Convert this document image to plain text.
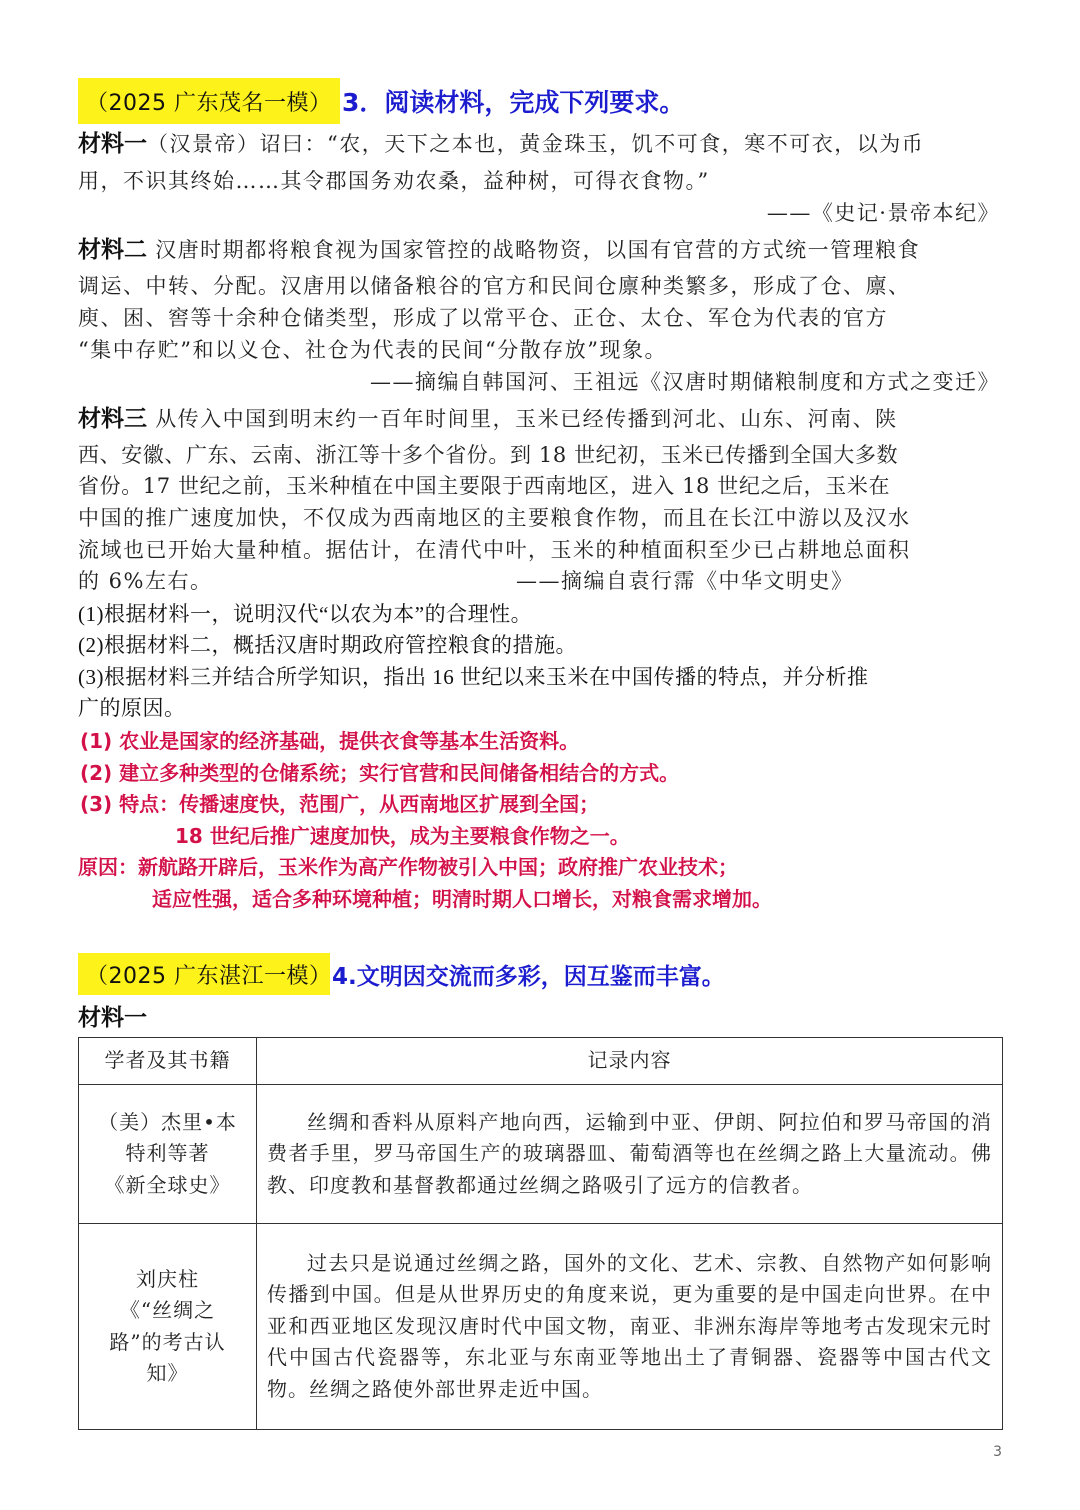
（2025 广东茂名一模） 3．阅读材料，完成下列要求。
材料一（汉景帝）诏曰：“农，天下之本也，黄金珠玉，饥不可食，寒不可衣，以为币
用，不识其终始……其令郡国务劝农桑，益种树，可得衣食物。”
——《史记·景帝本纪》
材料二 汉唐时期都将粮食视为国家管控的战略物资，以国有官营的方式统一管理粮食
调运、中转、分配。汉唐用以储备粮谷的官方和民间仓廪种类繁多，形成了仓、廪、
庾、困、窖等十余种仓储类型，形成了以常平仓、正仓、太仓、军仓为代表的官方
“集中存贮”和以义仓、社仓为代表的民间“分散存放”现象。
——摘编自韩国河、王祖远《汉唐时期储粮制度和方式之变迁》
材料三 从传入中国到明末约一百年时间里，玉米已经传播到河北、山东、河南、陕
西、安徽、广东、云南、浙江等十多个省份。到 18 世纪初，玉米已传播到全国大多数
省份。17 世纪之前，玉米种植在中国主要限于西南地区，进入 18 世纪之后，玉米在
中国的推广速度加快，不仅成为西南地区的主要粮食作物，而且在长江中游以及汉水
流域也已开始大量种植。据估计，在清代中叶，玉米的种植面积至少已占耕地总面积
的 6%左右。	——摘编自袁行霈《中华文明史》
(1)根据材料一，说明汉代“以农为本”的合理性。
(2)根据材料二，概括汉唐时期政府管控粮食的措施。
(3)根据材料三并结合所学知识，指出 16 世纪以来玉米在中国传播的特点，并分析推
广的原因。
(1) 农业是国家的经济基础，提供衣食等基本生活资料。
(2) 建立多种类型的仓储系统；实行官营和民间储备相结合的方式。
(3) 特点：传播速度快，范围广，从西南地区扩展到全国；
18 世纪后推广速度加快，成为主要粮食作物之一。
原因：新航路开辟后，玉米作为高产作物被引入中国；政府推广农业技术；
适应性强，适合多种环境种植；明清时期人口增长，对粮食需求增加。
（2025 广东湛江一模） 4.文明因交流而多彩，因互鉴而丰富。
材料一
学者及其书籍	记录内容

（美）杰里•本
特利等著
《新全球史》	丝绸和香料从原料产地向西，运输到中亚、伊朗、阿拉伯和罗马帝国的消费者手里，罗马帝国生产的玻璃器皿、葡萄酒等也在丝绸之路上大量流动。佛教、印度教和基督教都通过丝绸之路吸引了远方的信教者。

刘庆柱
《“丝绸之
路”的考古认
知》	过去只是说通过丝绸之路，国外的文化、艺术、宗教、自然物产如何影响传播到中国。但是从世界历史的角度来说，更为重要的是中国走向世界。在中亚和西亚地区发现汉唐时代中国文物，南亚、非洲东海岸等地考古发现宋元时代中国古代瓷器等，东北亚与东南亚等地出土了青铜器、瓷器等中国古代文物。丝绸之路使外部世界走近中国。

3
